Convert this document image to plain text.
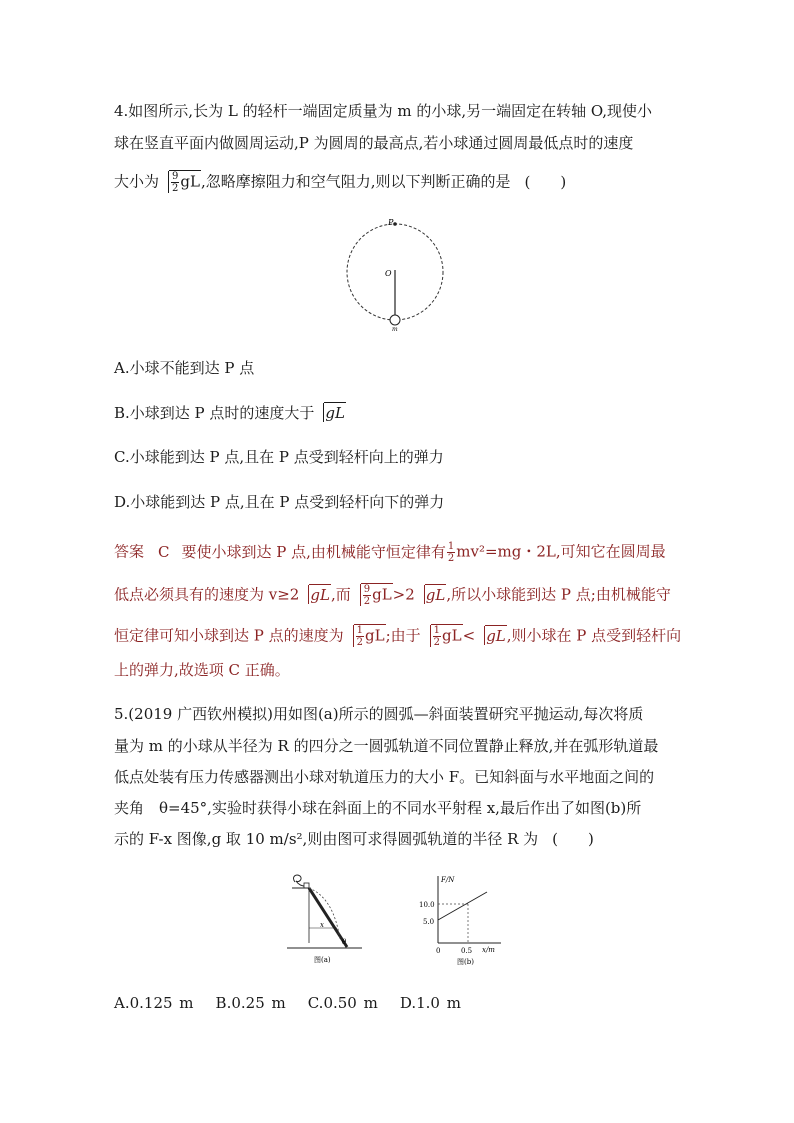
4.如图所示,长为 L 的轻杆一端固定质量为 m 的小球,另一端固定在转轴 O,现使小
球在竖直平面内做圆周运动,P 为圆周的最高点,若小球通过圆周最低点时的速度
大小为 $\frac{9}{2}$ gL,忽略摩擦阻力和空气阻力,则以下判断正确的是 (　　)
P
O
m
A.小球不能到达 P 点
B.小球到达 P 点时的速度大于 gL
C.小球能到达 P 点,且在 P 点受到轻杆向上的弹力
D.小球能到达 P 点,且在 P 点受到轻杆向下的弹力
答案 C 要使小球到达 P 点,由机械能守恒定律有 $\frac{1}{2} mv^2=mg$・2L,可知它在圆周最
低点必须具有的速度为 v≥2 gL,而 $\frac{9}{2} gL>2$ gL,所以小球能到达 P 点;由机械能守
恒定律可知小球到达 P 点的速度为 $\frac{1}{2}$ gL;由于 $\frac{1}{2} gL<$ gL,则小球在 P 点受到轻杆向
上的弹力,故选项 C 正确。
5.(2019 广西钦州模拟)用如图(a)所示的圆弧—斜面装置研究平抛运动,每次将质
量为 m 的小球从半径为 R 的四分之一圆弧轨道不同位置静止释放,并在弧形轨道最
低点处装有压力传感器测出小球对轨道压力的大小 F。已知斜面与水平地面之间的
夹角　θ=45°,实验时获得小球在斜面上的不同水平射程 x,最后作出了如图(b)所
示的 F-x 图像,g 取 10 m/s²,则由图可求得圆弧轨道的半径 R 为 (　　)
x
θ
图(a)
F/N
x/m
10.0
5.0
0	0.5
图(b)
A.0.125 m B.0.25 m C.0.50 m D.1.0 m
